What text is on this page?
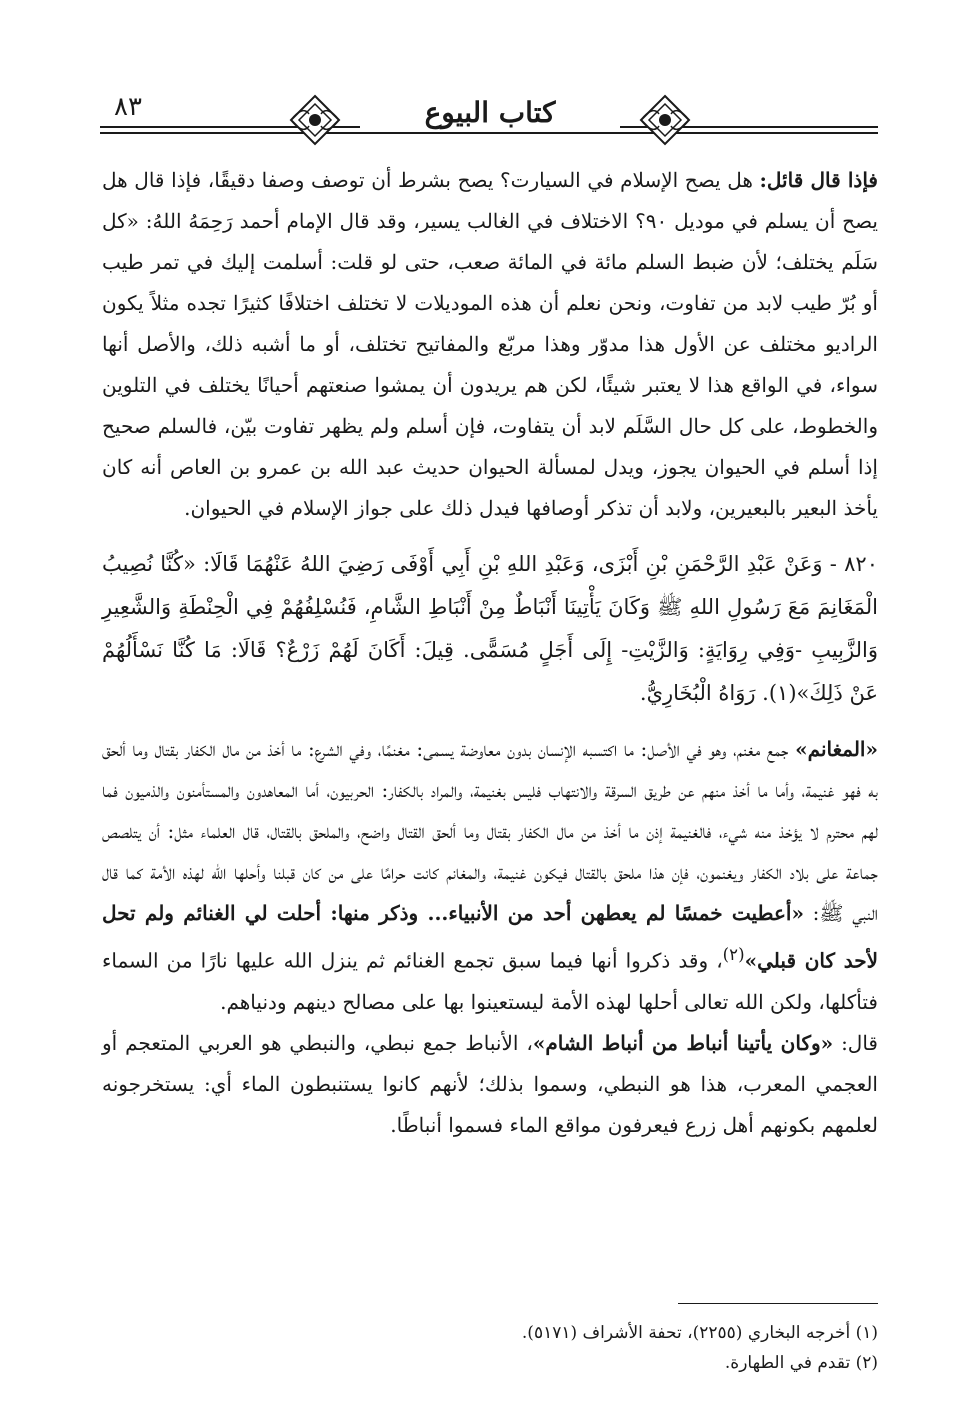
كتاب البيوع
٨٣

فإذا قال قائل: هل يصح الإسلام في السيارت؟ يصح بشرط أن توصف وصفا دقيقًا، فإذا قال هل يصح أن يسلم في موديل ٩٠؟ الاختلاف في الغالب يسير، وقد قال الإمام أحمد رَحِمَهُ اللهُ: «كل سَلَم يختلف؛ لأن ضبط السلم مائة في المائة صعب، حتى لو قلت: أسلمت إليك في تمر طيب أو بُرّ طيب لابد من تفاوت، ونحن نعلم أن هذه الموديلات لا تختلف اختلافًا كثيرًا تجده مثلاً يكون الراديو مختلف عن الأول هذا مدوّر وهذا مربّع والمفاتيح تختلف، أو ما أشبه ذلك، والأصل أنها سواء، في الواقع هذا لا يعتبر شيئًا، لكن هم يريدون أن يمشوا صنعتهم أحيانًا يختلف في التلوين والخطوط، على كل حال السَّلَم لابد أن يتفاوت، فإن أسلم ولم يظهر تفاوت بيّن، فالسلم صحيح إذا أسلم في الحيوان يجوز، ويدل لمسألة الحيوان حديث عبد الله بن عمرو بن العاص أنه كان يأخذ البعير بالبعيرين، ولابد أن تذكر أوصافها فيدل ذلك على جواز الإسلام في الحيوان.

٨٢٠ - وَعَنْ عَبْدِ الرَّحْمَنِ بْنِ أَبْزَى، وَعَبْدِ اللهِ بْنِ أَبِي أَوْفَى رَضِيَ اللهُ عَنْهُمَا قَالَا: «كُنَّا نُصِيبُ الْمَغَانِمَ مَعَ رَسُولِ اللهِ ﷺ وَكَانَ يَأْتِينَا أَنْبَاطٌ مِنْ أَنْبَاطِ الشَّامِ، فَنُسْلِفُهُمْ فِي الْحِنْطَةِ وَالشَّعِيرِ وَالزَّبِيبِ -وَفِي رِوَايَةٍ: وَالزَّيْتِ- إِلَى أَجَلٍ مُسَمًّى. قِيلَ: أَكَانَ لَهُمْ زَرْعٌ؟ قَالَا: مَا كُنَّا نَسْأَلُهُمْ عَنْ ذَلِكَ»(١). رَوَاهُ الْبُخَارِيُّ.

«المغانم» جمع مغنم، وهو في الأصل: ما اكتسبه الإنسان بدون معاوضة يسمى: مغنمًا، وفي الشرع: ما أخذ من مال الكفار بقتال وما ألحق به فهو غنيمة، وأما ما أخذ منهم عن طريق السرقة والانتهاب فليس بغنيمة، والمراد بالكفار: الحربيون، أما المعاهدون والمستأمنون والذميون فما لهم محترم لا يؤخذ منه شيء، فالغنيمة إذن ما أخذ من مال الكفار بقتال وما ألحق القتال واضح، والملحق بالقتال، قال العلماء مثل: أن يتلصص جماعة على بلاد الكفار ويغنمون، فإن هذا ملحق بالقتال فيكون غنيمة، والمغانم كانت حرامًا على من كان قبلنا وأحلها الله لهذه الأمة كما قال النبي ﷺ: «أعطيت خمسًا لم يعطهن أحد من الأنبياء... وذكر منها: أحلت لي الغنائم ولم تحل لأحد كان قبلي»$^{(٢)}$، وقد ذكروا أنها فيما سبق تجمع الغنائم ثم ينزل الله عليها نارًا من السماء فتأكلها، ولكن الله تعالى أحلها لهذه الأمة ليستعينوا بها على مصالح دينهم ودنياهم.

قال: «وكان يأتينا أنباط من أنباط الشام»، الأنباط جمع نبطي، والنبطي هو العربي المتعجم أو العجمي المعرب، هذا هو النبطي، وسموا بذلك؛ لأنهم كانوا يستنبطون الماء أي: يستخرجونه لعلمهم بكونهم أهل زرع فيعرفون مواقع الماء فسموا أنباطًا.

(١) أخرجه البخاري (٢٢٥٥)، تحفة الأشراف (٥١٧١).

(٢) تقدم في الطهارة.
